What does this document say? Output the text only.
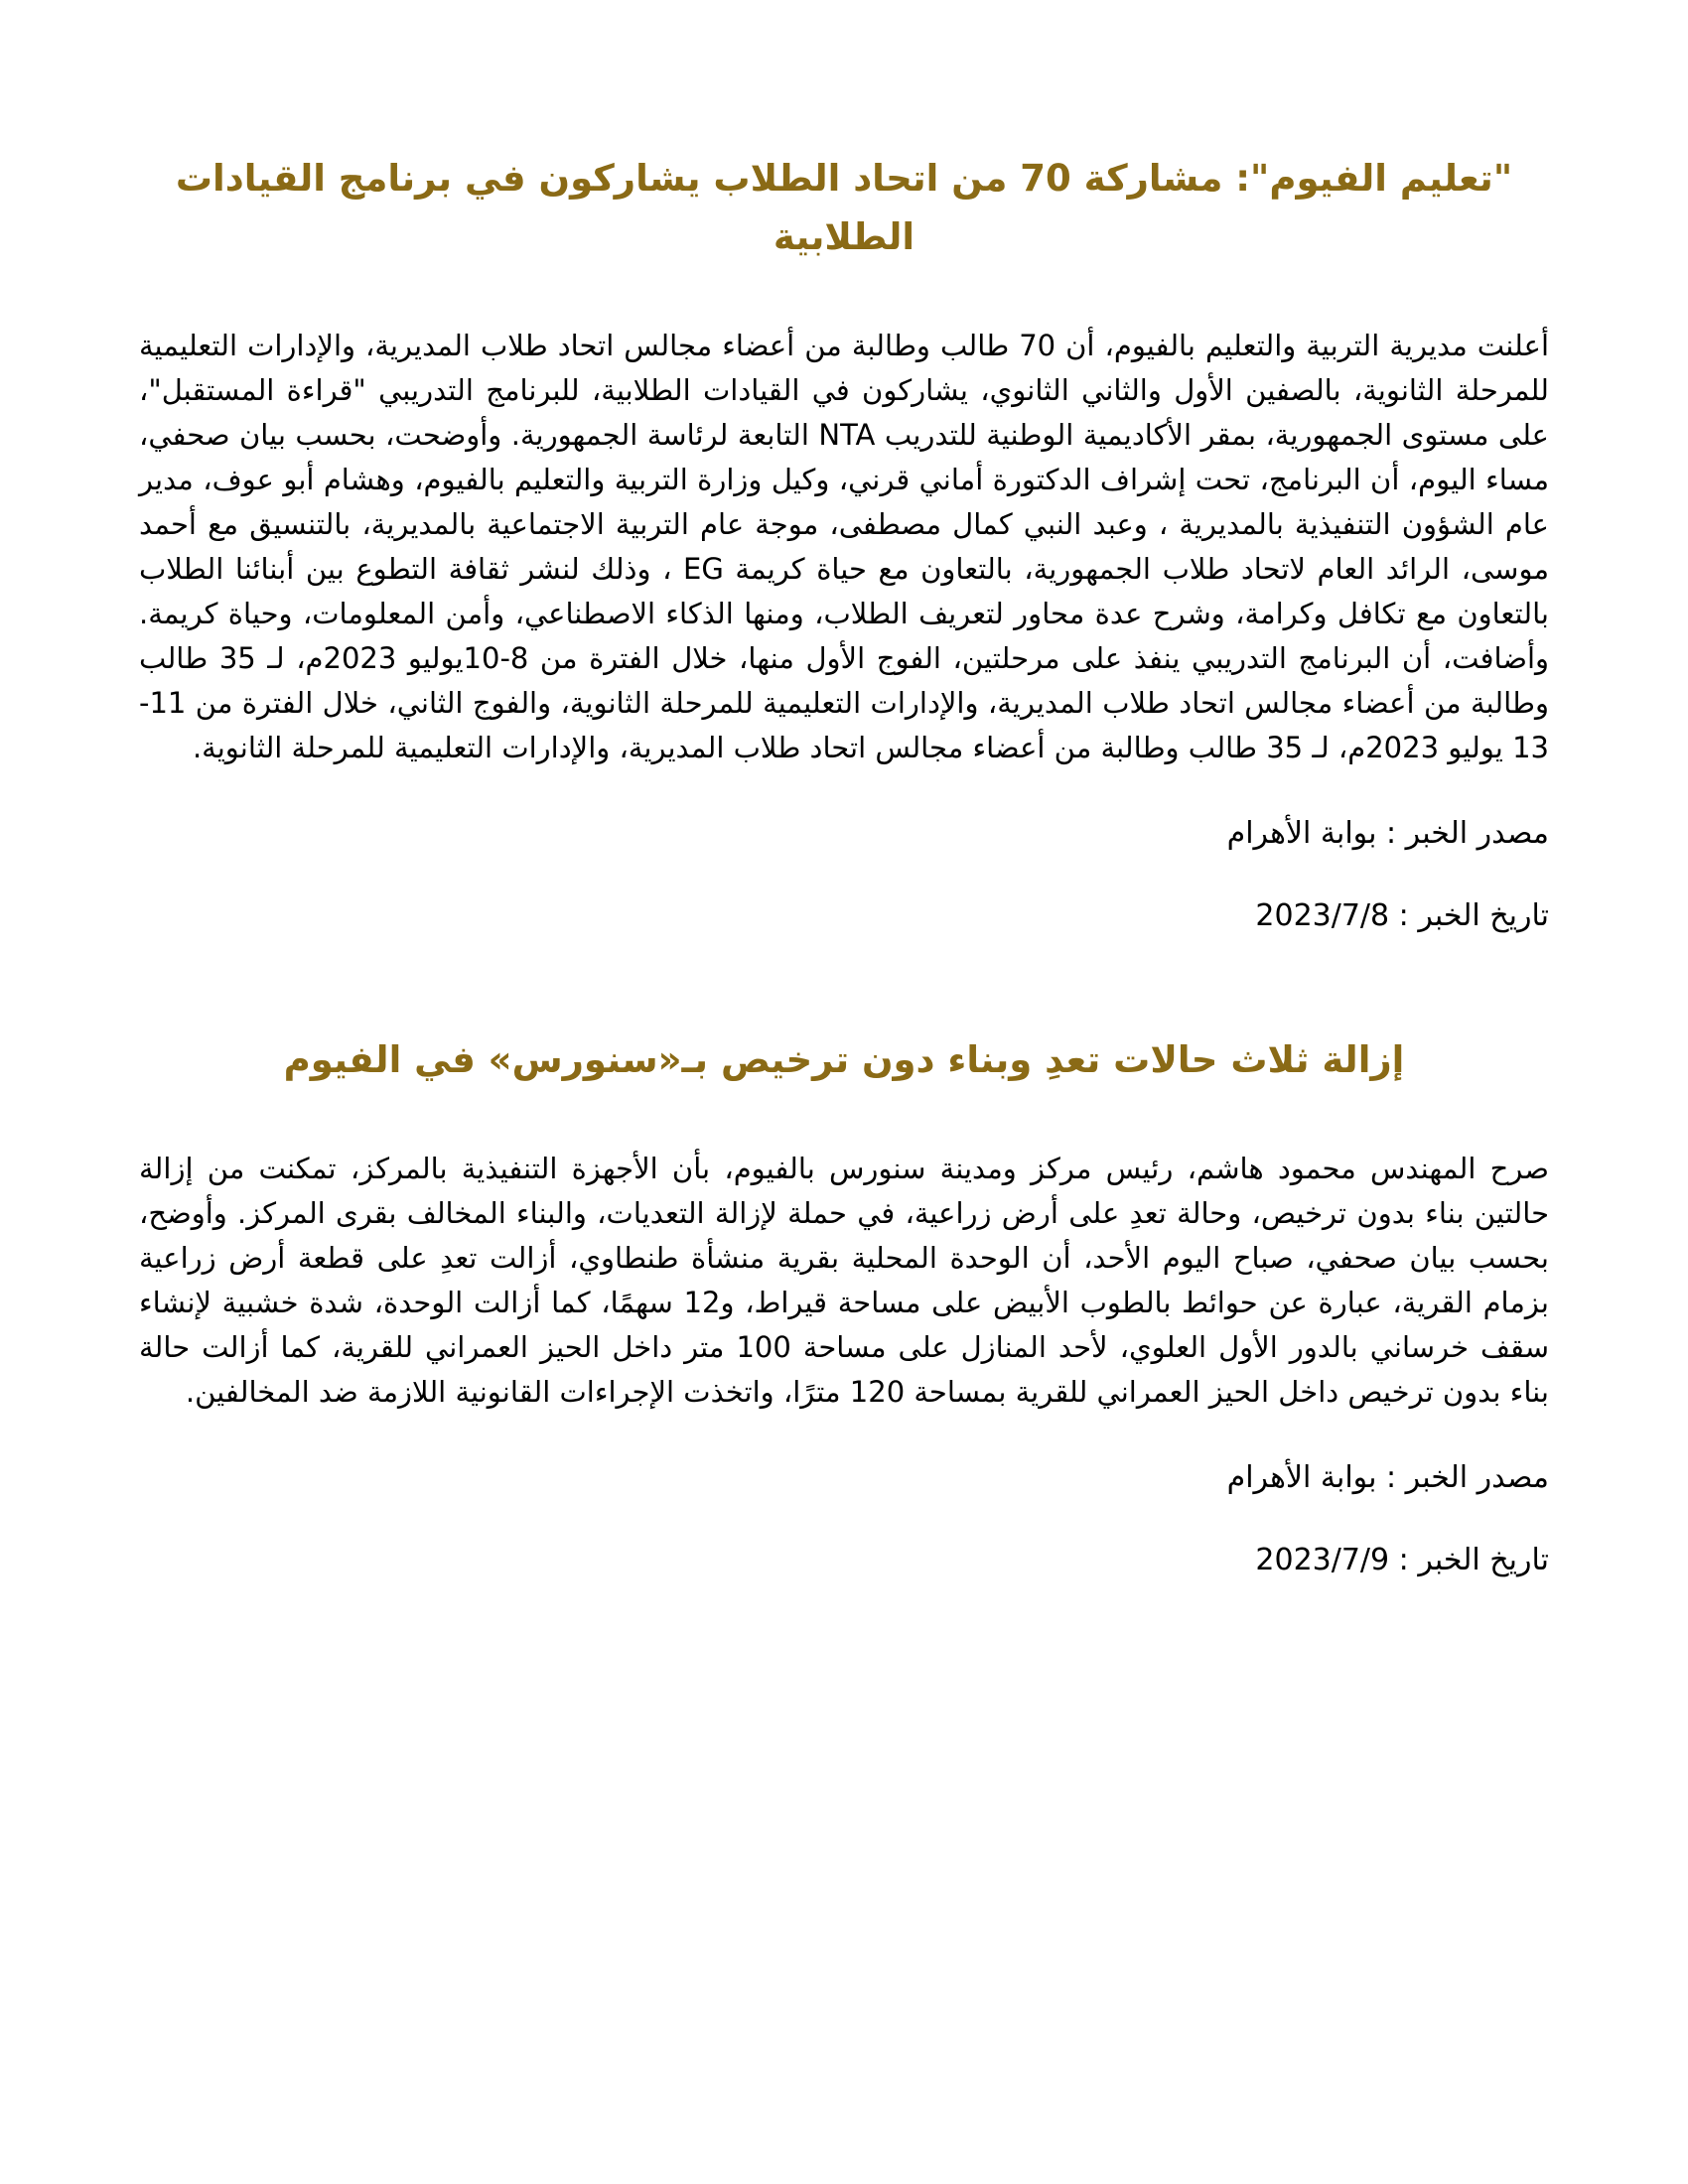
"تعليم الفيوم": مشاركة 70 من اتحاد الطلاب يشاركون في برنامج القيادات الطلابية

أعلنت مديرية التربية والتعليم بالفيوم، أن 70 طالب وطالبة من أعضاء مجالس اتحاد طلاب المديرية، والإدارات التعليمية للمرحلة الثانوية، بالصفين الأول والثاني الثانوي، يشاركون في القيادات الطلابية، للبرنامج التدريبي "قراءة المستقبل"، على مستوى الجمهورية، بمقر الأكاديمية الوطنية للتدريب NTA التابعة لرئاسة الجمهورية. وأوضحت، بحسب بيان صحفي، مساء اليوم، أن البرنامج، تحت إشراف الدكتورة أماني قرني، وكيل وزارة التربية والتعليم بالفيوم، وهشام أبو عوف، مدير عام الشؤون التنفيذية بالمديرية ، وعبد النبي كمال مصطفى، موجة عام التربية الاجتماعية بالمديرية، بالتنسيق مع أحمد موسى، الرائد العام لاتحاد طلاب الجمهورية، بالتعاون مع حياة كريمة EG ، وذلك لنشر ثقافة التطوع بين أبنائنا الطلاب بالتعاون مع تكافل وكرامة، وشرح عدة محاور لتعريف الطلاب، ومنها الذكاء الاصطناعي، وأمن المعلومات، وحياة كريمة. وأضافت، أن البرنامج التدريبي ينفذ على مرحلتين، الفوج الأول منها، خلال الفترة من 8-10يوليو 2023م، لـ 35 طالب وطالبة من أعضاء مجالس اتحاد طلاب المديرية، والإدارات التعليمية للمرحلة الثانوية، والفوج الثاني، خلال الفترة من 11-13 يوليو 2023م، لـ 35 طالب وطالبة من أعضاء مجالس اتحاد طلاب المديرية، والإدارات التعليمية للمرحلة الثانوية.

مصدر الخبر : بوابة الأهرام

تاريخ الخبر : 2023/7/8

إزالة ثلاث حالات تعدِ وبناء دون ترخيص بـ«سنورس» في الفيوم

صرح المهندس محمود هاشم، رئيس مركز ومدينة سنورس بالفيوم، بأن الأجهزة التنفيذية بالمركز، تمكنت من إزالة حالتين بناء بدون ترخيص، وحالة تعدِ على أرض زراعية، في حملة لإزالة التعديات، والبناء المخالف بقرى المركز. وأوضح، بحسب بيان صحفي، صباح اليوم الأحد، أن الوحدة المحلية بقرية منشأة طنطاوي، أزالت تعدِ على قطعة أرض زراعية بزمام القرية، عبارة عن حوائط بالطوب الأبيض على مساحة قيراط، و12 سهمًا، كما أزالت الوحدة، شدة خشبية لإنشاء سقف خرساني بالدور الأول العلوي، لأحد المنازل على مساحة 100 متر داخل الحيز العمراني للقرية، كما أزالت حالة بناء بدون ترخيص داخل الحيز العمراني للقرية بمساحة 120 مترًا، واتخذت الإجراءات القانونية اللازمة ضد المخالفين.

مصدر الخبر : بوابة الأهرام

تاريخ الخبر : 2023/7/9
